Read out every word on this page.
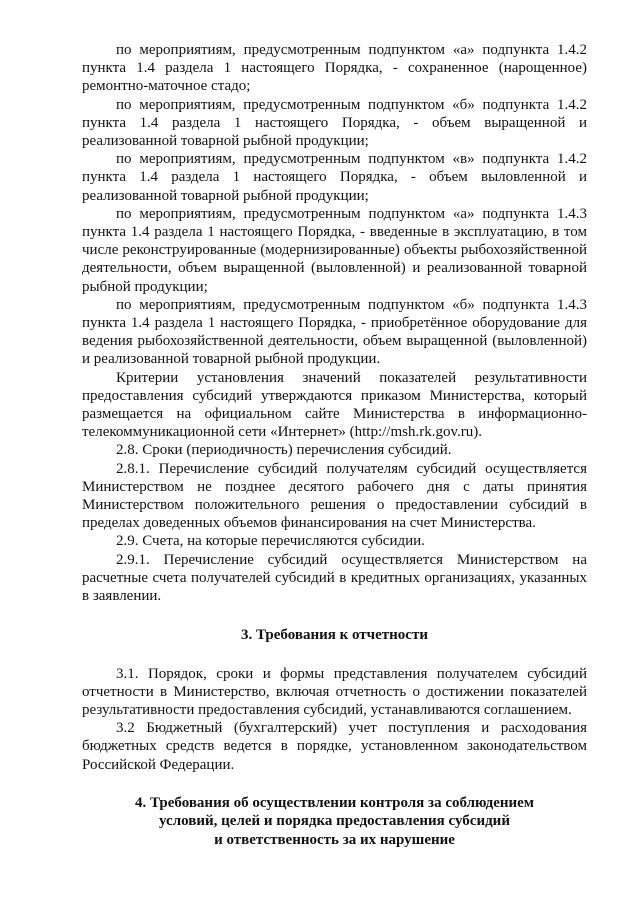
по мероприятиям, предусмотренным подпунктом «а» подпункта 1.4.2 пункта 1.4 раздела 1 настоящего Порядка, - сохраненное (нарощенное) ремонтно-маточное стадо;

по мероприятиям, предусмотренным подпунктом «б» подпункта 1.4.2 пункта 1.4 раздела 1 настоящего Порядка, - объем выращенной и реализованной товарной рыбной продукции;

по мероприятиям, предусмотренным подпунктом «в» подпункта 1.4.2 пункта 1.4 раздела 1 настоящего Порядка, - объем выловленной и реализованной товарной рыбной продукции;

по мероприятиям, предусмотренным подпунктом «а» подпункта 1.4.3 пункта 1.4 раздела 1 настоящего Порядка, - введенные в эксплуатацию, в том числе реконструированные (модернизированные) объекты рыбохозяйственной деятельности, объем выращенной (выловленной) и реализованной товарной рыбной продукции;

по мероприятиям, предусмотренным подпунктом «б» подпункта 1.4.3 пункта 1.4 раздела 1 настоящего Порядка, - приобретённое оборудование для ведения рыбохозяйственной деятельности, объем выращенной (выловленной) и реализованной товарной рыбной продукции.

Критерии установления значений показателей результативности предоставления субсидий утверждаются приказом Министерства, который размещается на официальном сайте Министерства в информационно-телекоммуникационной сети «Интернет» (http://msh.rk.gov.ru).

2.8. Сроки (периодичность) перечисления субсидий.

2.8.1. Перечисление субсидий получателям субсидий осуществляется Министерством не позднее десятого рабочего дня с даты принятия Министерством положительного решения о предоставлении субсидий в пределах доведенных объемов финансирования на счет Министерства.

2.9. Счета, на которые перечисляются субсидии.

2.9.1. Перечисление субсидий осуществляется Министерством на расчетные счета получателей субсидий в кредитных организациях, указанных в заявлении.

3. Требования к отчетности

3.1. Порядок, сроки и формы представления получателем субсидий отчетности в Министерство, включая отчетность о достижении показателей результативности предоставления субсидий, устанавливаются соглашением.

3.2 Бюджетный (бухгалтерский) учет поступления и расходования бюджетных средств ведется в порядке, установленном законодательством Российской Федерации.

4. Требования об осуществлении контроля за соблюдением
условий, целей и порядка предоставления субсидий
и ответственность за их нарушение
